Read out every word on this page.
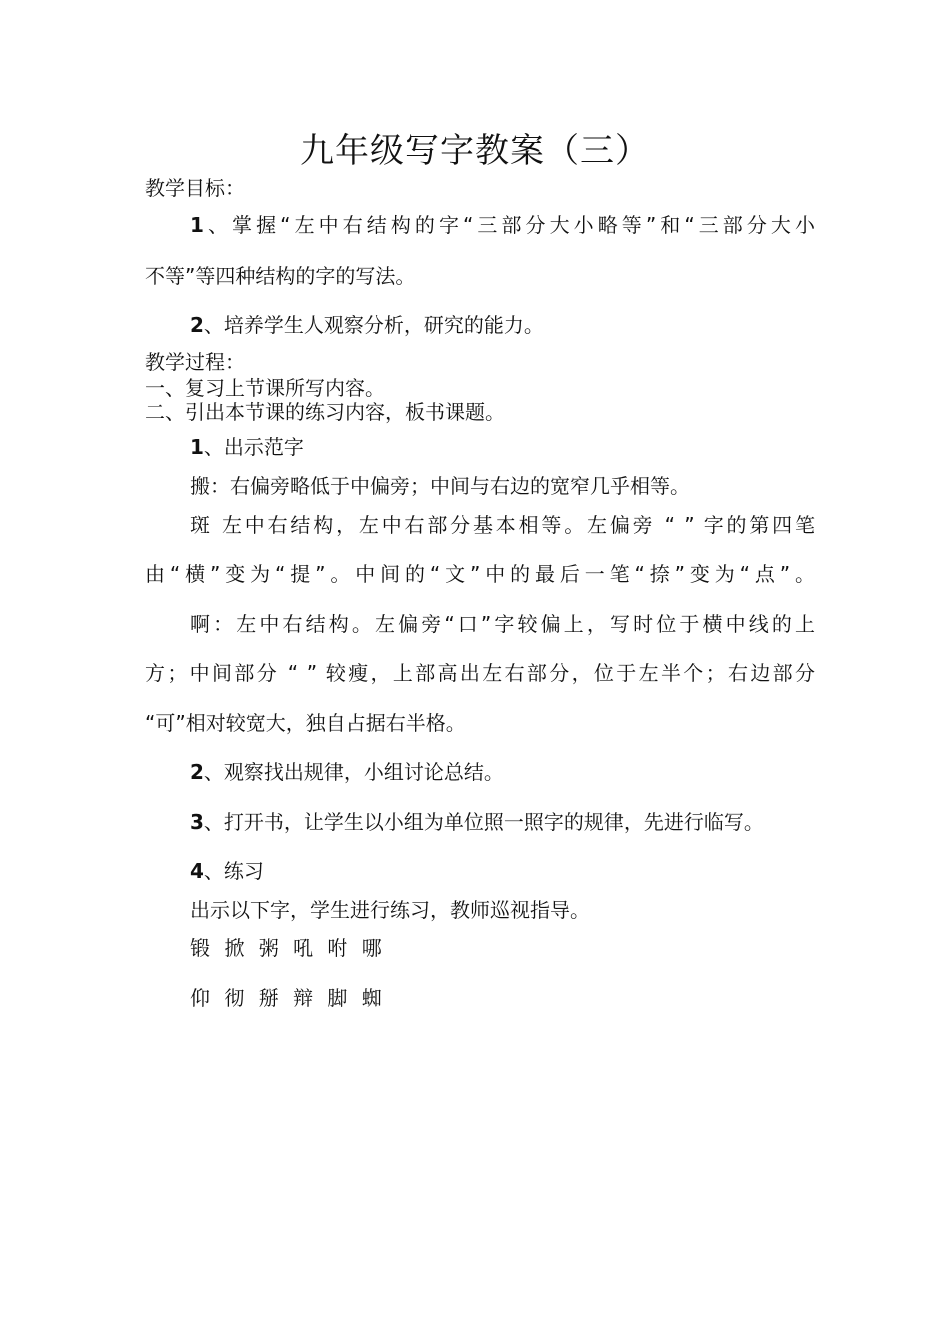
九年级写字教案（三）
教学目标：
1、掌握“左中右结构的字“三部分大小略等”和“三部分大小
不等”等四种结构的字的写法。
2、培养学生人观察分析，研究的能力。
教学过程：
一、复习上节课所写内容。
二、引出本节课的练习内容，板书课题。
1、出示范字
搬：右偏旁略低于中偏旁；中间与右边的宽窄几乎相等。
斑 左中右结构，左中右部分基本相等。左偏旁 “ ” 字的第四笔
由“横”变为“提”。中间的“文”中的最后一笔“捺”变为“点”。
啊：左中右结构。左偏旁“口”字较偏上，写时位于横中线的上
方；中间部分 “ ” 较瘦，上部高出左右部分，位于左半个；右边部分
“可”相对较宽大，独自占据右半格。
2、观察找出规律，小组讨论总结。
3、打开书，让学生以小组为单位照一照字的规律，先进行临写。
4、练习
出示以下字，学生进行练习，教师巡视指导。
锻 掀 粥 吼 咐 哪
仰 彻 掰 辩 脚 蜘
